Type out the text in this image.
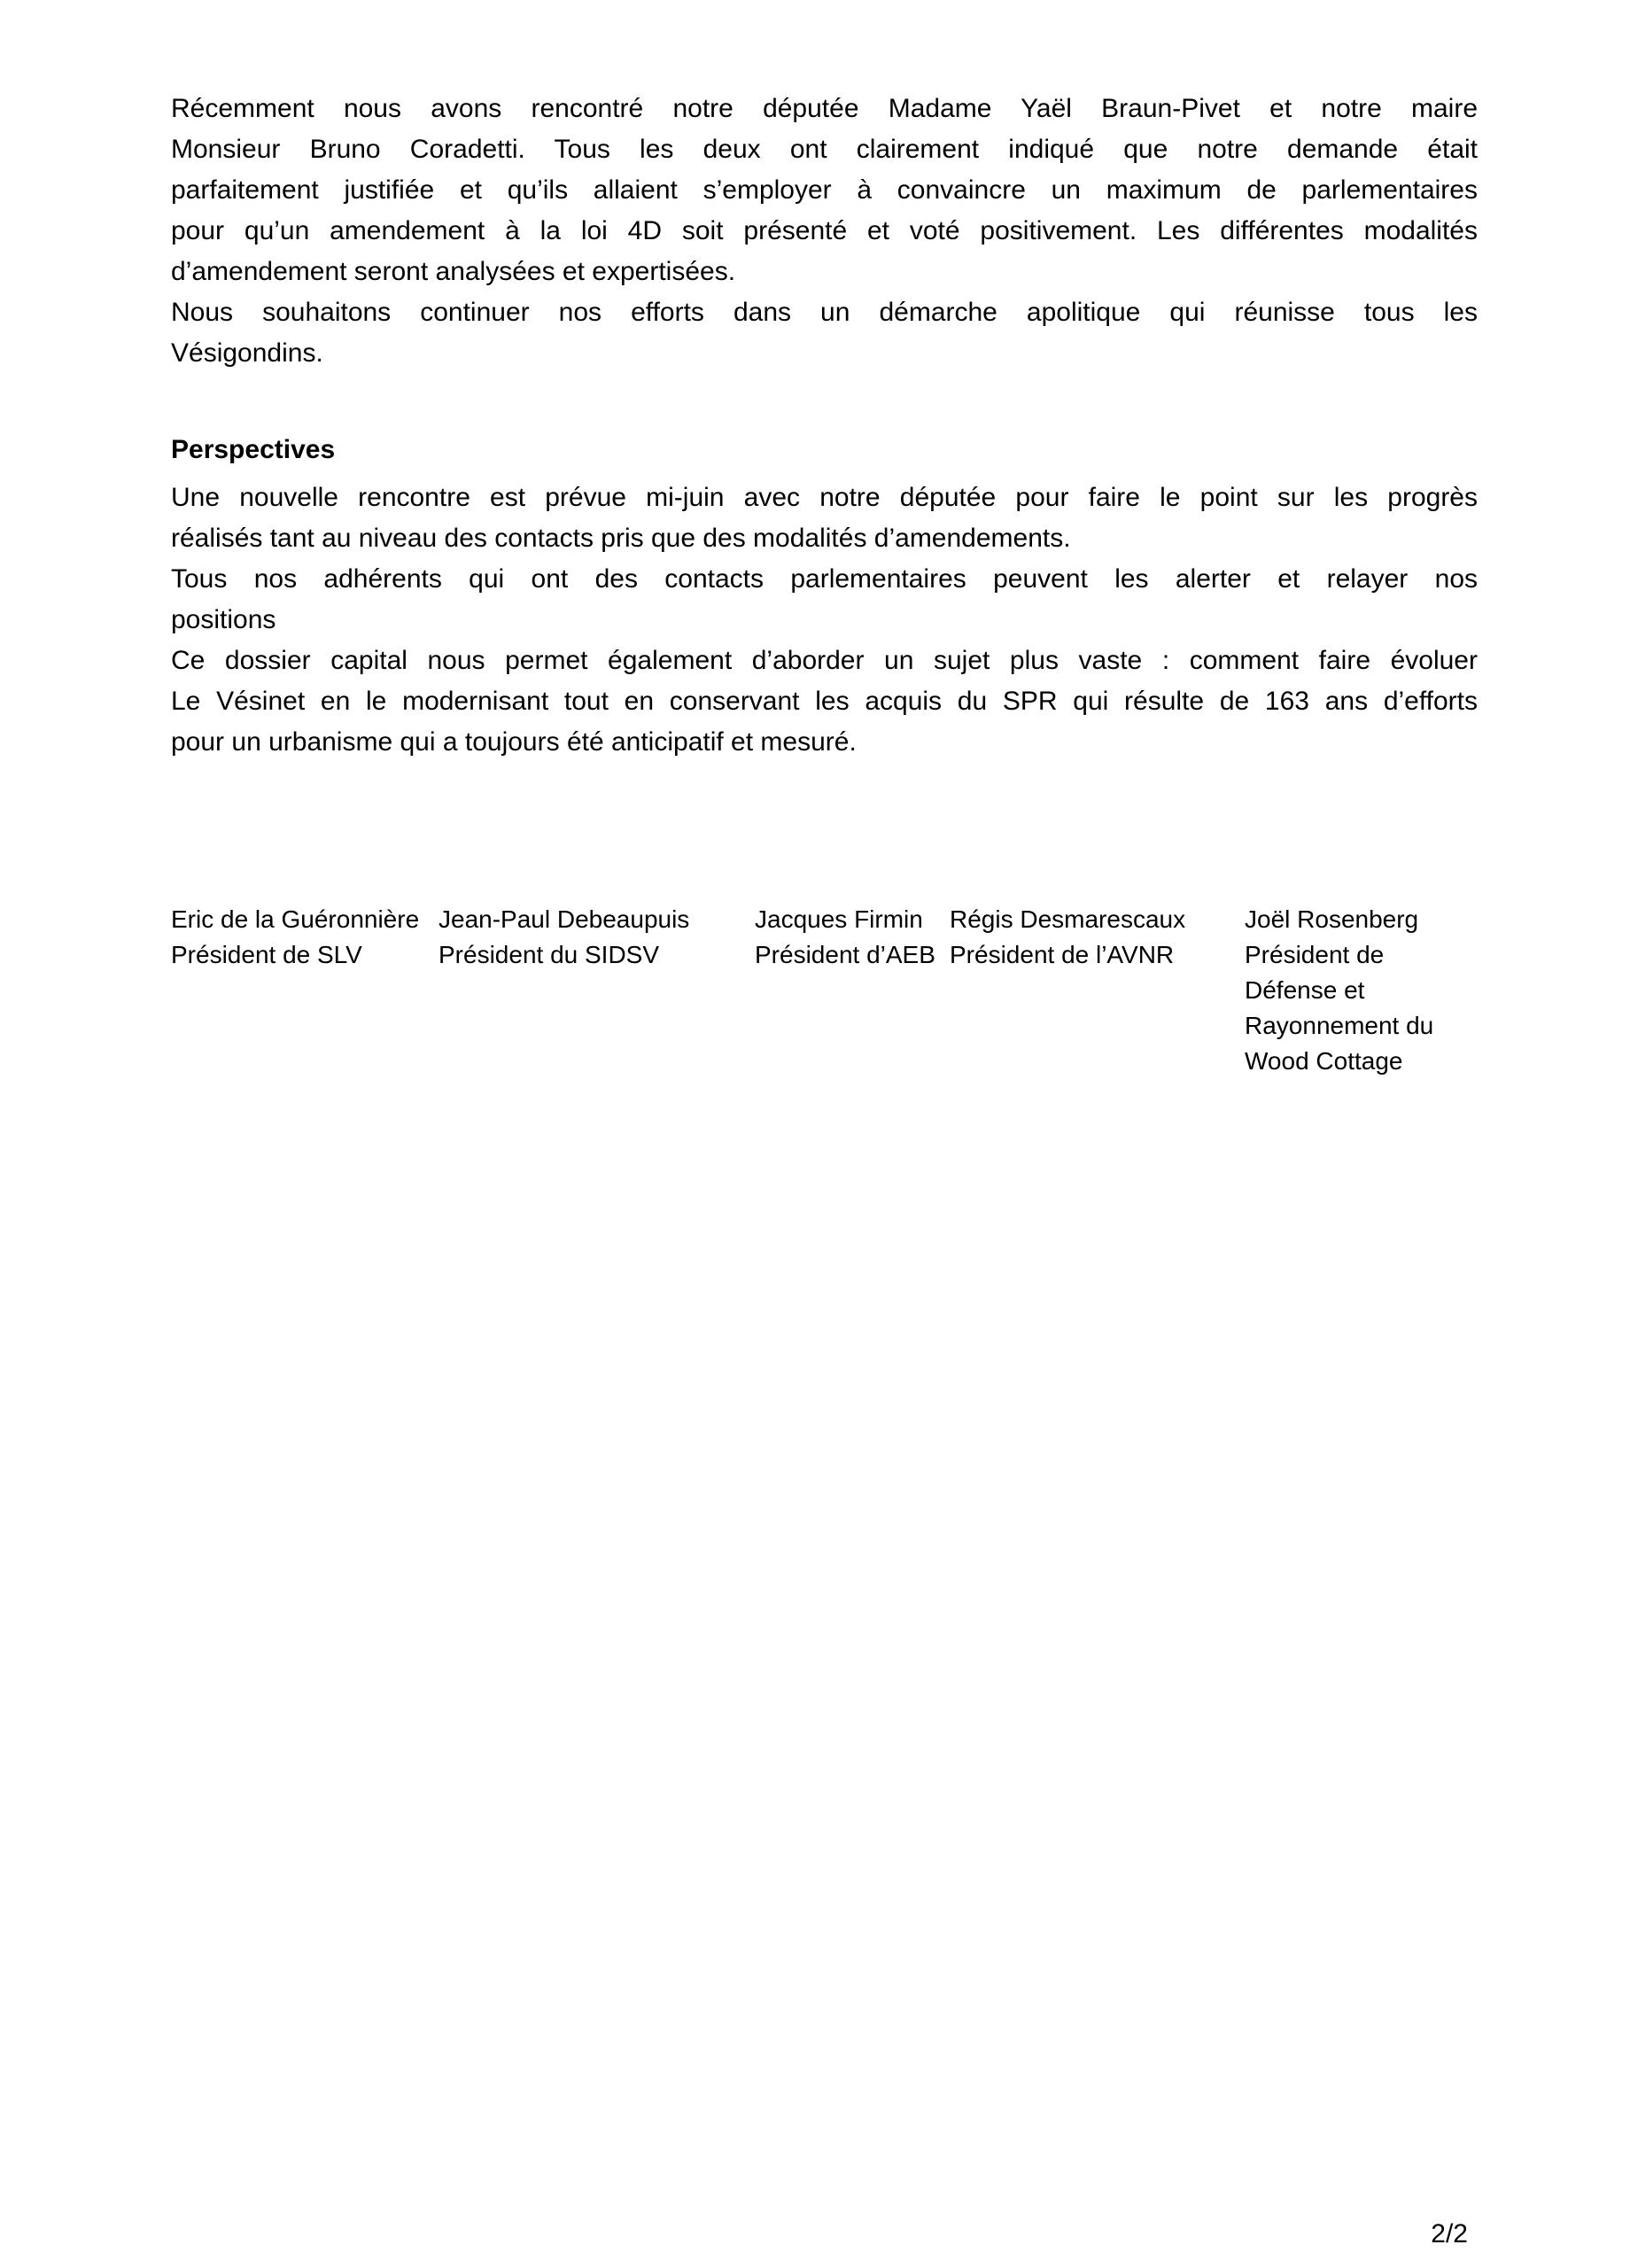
Récemment nous avons rencontré notre députée Madame Yaël Braun-Pivet et notre maire
Monsieur Bruno Coradetti. Tous les deux ont clairement indiqué que notre demande était
parfaitement justifiée et qu’ils allaient s’employer à convaincre un maximum de parlementaires
pour qu’un amendement à la loi 4D soit présenté et voté positivement. Les différentes modalités
d’amendement seront analysées et expertisées.
Nous souhaitons continuer nos efforts dans un démarche apolitique qui réunisse tous les
Vésigondins.
Perspectives
Une nouvelle rencontre est prévue mi-juin avec notre députée pour faire le point sur les progrès
réalisés tant au niveau des contacts pris que des modalités d’amendements.
Tous nos adhérents qui ont des contacts parlementaires peuvent les alerter et relayer nos
positions
Ce dossier capital nous permet également d’aborder un sujet plus vaste : comment faire évoluer
Le Vésinet en le modernisant tout en conservant les acquis du SPR qui résulte de 163 ans d’efforts
pour un urbanisme qui a toujours été anticipatif et mesuré.
Eric de la Guéronnière
Président de SLV
Jean-Paul Debeaupuis
Président du SIDSV
Jacques Firmin
Président d’AEB
Régis Desmarescaux
Président de l’AVNR
Joël Rosenberg
Président de
Défense et
Rayonnement du
Wood Cottage
2/2
